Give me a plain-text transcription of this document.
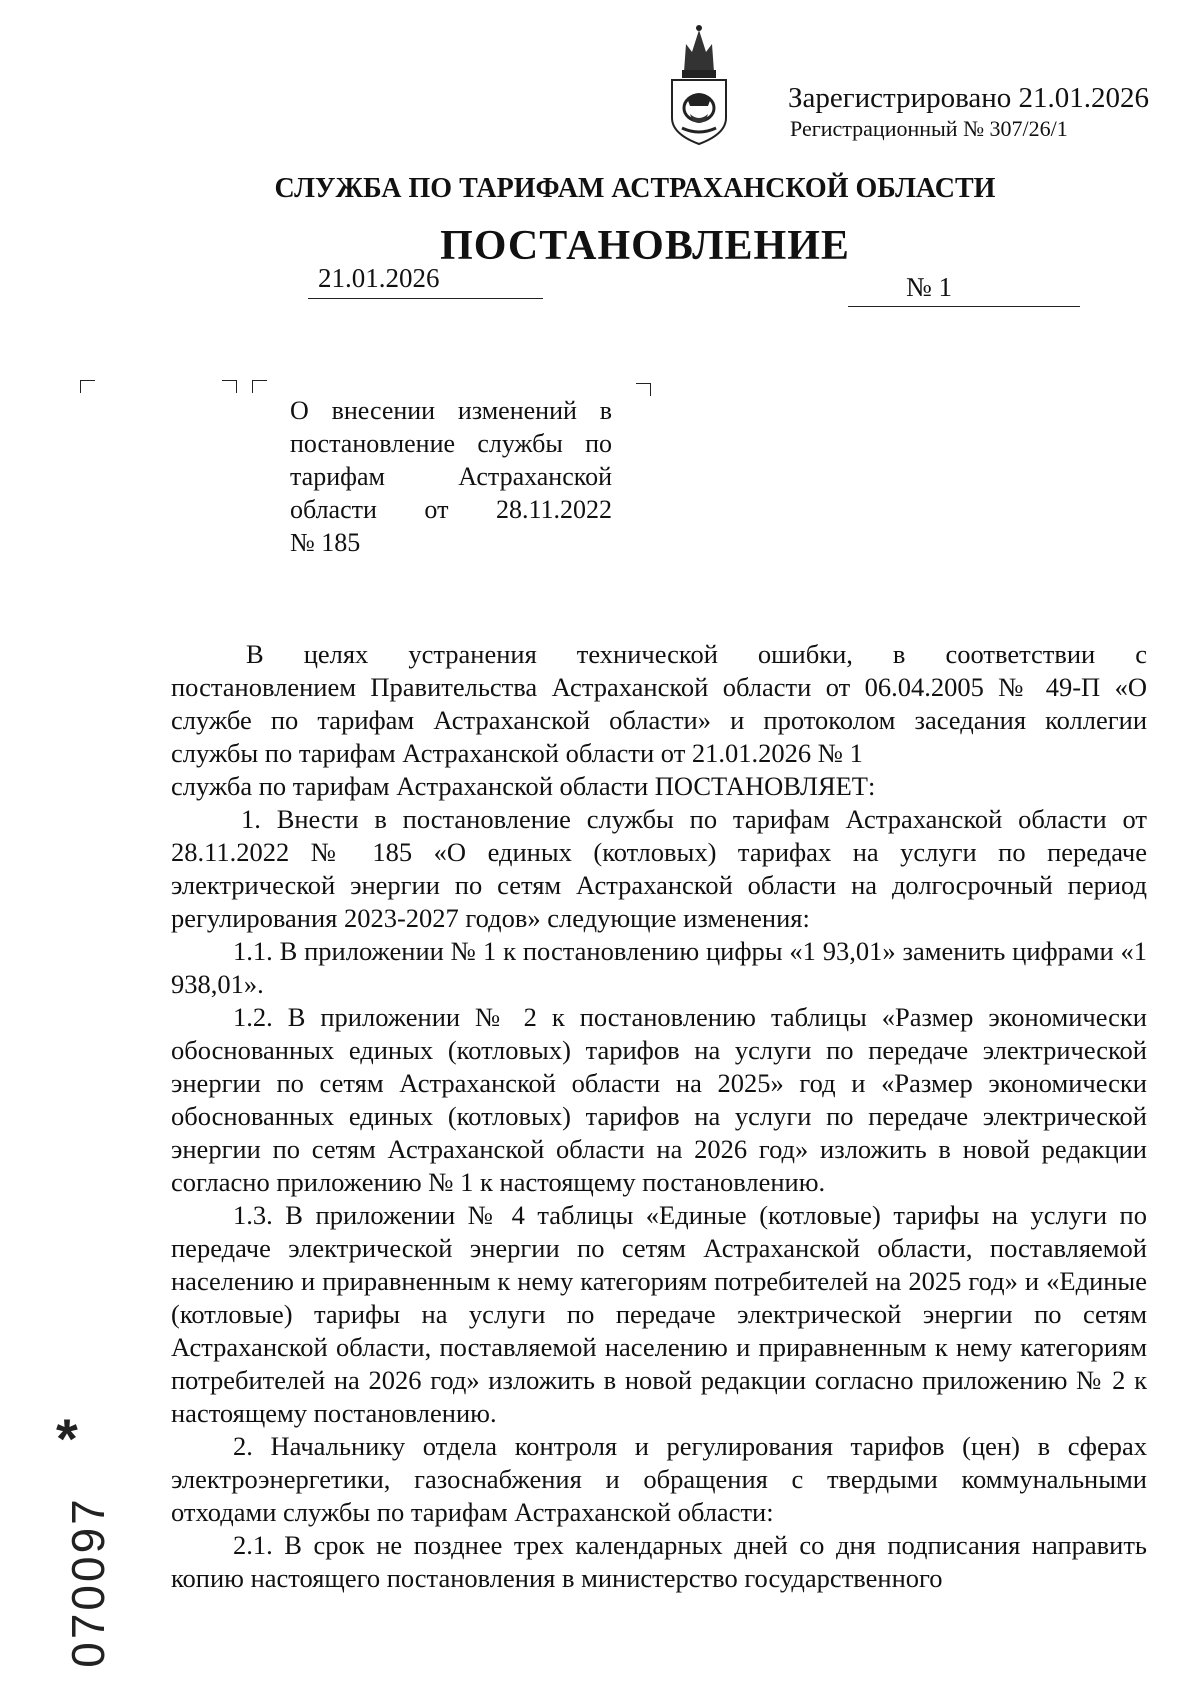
Зарегистрировано 21.01.2026
Регистрационный № 307/26/1
СЛУЖБА ПО ТАРИФАМ АСТРАХАНСКОЙ ОБЛАСТИ
ПОСТАНОВЛЕНИЕ
21.01.2026	№ 1
О внесении изменений в
постановление службы по
тарифам Астраханской
области от 28.11.2022
№ 185
В целях устранения технической ошибки, в соответствии с
постановлением Правительства Астраханской области от 06.04.2005 № 49-П «О
службе по тарифам Астраханской области» и протоколом заседания коллегии
службы по тарифам Астраханской области от 21.01.2026 № 1
служба по тарифам Астраханской области ПОСТАНОВЛЯЕТ:
1. Внести в постановление службы по тарифам Астраханской области от 28.11.2022 № 185 «О единых (котловых) тарифах на услуги по передаче электрической энергии по сетям Астраханской области на долгосрочный период регулирования 2023-2027 годов» следующие изменения:
1.1. В приложении № 1 к постановлению цифры «1 93,01» заменить цифрами «1 938,01».
1.2. В приложении № 2 к постановлению таблицы «Размер экономически обоснованных единых (котловых) тарифов на услуги по передаче электрической энергии по сетям Астраханской области на 2025» год и «Размер экономически обоснованных единых (котловых) тарифов на услуги по передаче электрической энергии по сетям Астраханской области на 2026 год» изложить в новой редакции согласно приложению № 1 к настоящему постановлению.
1.3. В приложении № 4 таблицы «Единые (котловые) тарифы на услуги по передаче электрической энергии по сетям Астраханской области, поставляемой населению и приравненным к нему категориям потребителей на 2025 год» и «Единые (котловые) тарифы на услуги по передаче электрической энергии по сетям Астраханской области, поставляемой населению и приравненным к нему категориям потребителей на 2026 год» изложить в новой редакции согласно приложению № 2 к настоящему постановлению.
2. Начальнику отдела контроля и регулирования тарифов (цен) в сферах электроэнергетики, газоснабжения и обращения с твердыми коммунальными отходами службы по тарифам Астраханской области:
2.1. В срок не позднее трех календарных дней со дня подписания направить копию настоящего постановления в министерство государственного
*
070097
